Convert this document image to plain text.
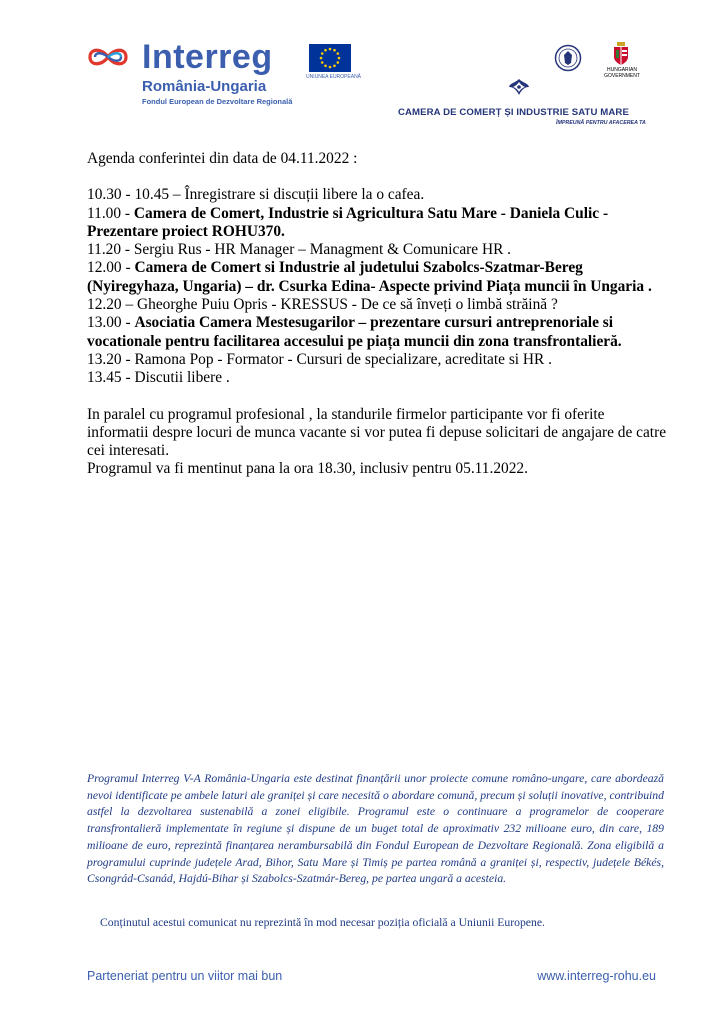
Interreg
România-Ungaria
Fondul European de Dezvoltare Regională
UNIUNEA EUROPEANĂ
HUNGARIAN
GOVERNMENT
CAMERA DE COMERȚ ȘI INDUSTRIE SATU MARE
ÎMPREUNĂ PENTRU AFACEREA TA

Agenda conferintei din data de 04.11.2022 :

10.30 - 10.45 – Înregistrare si discuții libere la o cafea.

11.00 - Camera de Comert, Industrie si Agricultura Satu Mare - Daniela Culic - Prezentare proiect ROHU370.

11.20 - Sergiu Rus - HR Manager – Managment & Comunicare HR .

12.00 - Camera de Comert si Industrie al judetului Szabolcs-Szatmar-Bereg (Nyiregyhaza, Ungaria) – dr. Csurka Edina- Aspecte privind Piața muncii în Ungaria .

12.20 – Gheorghe Puiu Opris - KRESSUS - De ce să înveți o limbă străină ?

13.00 - Asociatia Camera Mestesugarilor – prezentare cursuri antreprenoriale si vocationale pentru facilitarea accesului pe piața muncii din zona transfrontalieră.

13.20 - Ramona Pop - Formator - Cursuri de specializare, acreditate si HR .

13.45 - Discutii libere .

In paralel cu programul profesional , la standurile firmelor participante vor fi oferite informatii despre locuri de munca vacante si vor putea fi depuse solicitari de angajare de catre cei interesati.

Programul va fi mentinut pana la ora 18.30, inclusiv pentru 05.11.2022.

Programul Interreg V-A România-Ungaria este destinat finanțării unor proiecte comune româno-ungare, care abordează nevoi identificate pe ambele laturi ale graniței și care necesită o abordare comună, precum și soluții inovative, contribuind astfel la dezvoltarea sustenabilă a zonei eligibile. Programul este o continuare a programelor de cooperare transfrontalieră implementate în regiune și dispune de un buget total de aproximativ 232 milioane euro, din care, 189 milioane de euro, reprezintă finanțarea nerambursabilă din Fondul European de Dezvoltare Regională. Zona eligibilă a programului cuprinde județele Arad, Bihor, Satu Mare și Timiș pe partea română a graniței și, respectiv, județele Békés, Csongrád-Csanád, Hajdú-Bihar și Szabolcs-Szatmár-Bereg, pe partea ungară a acesteia.

Conținutul acestui comunicat nu reprezintă în mod necesar poziția oficială a Uniunii Europene.

Parteneriat pentru un viitor mai bun	www.interreg-rohu.eu
